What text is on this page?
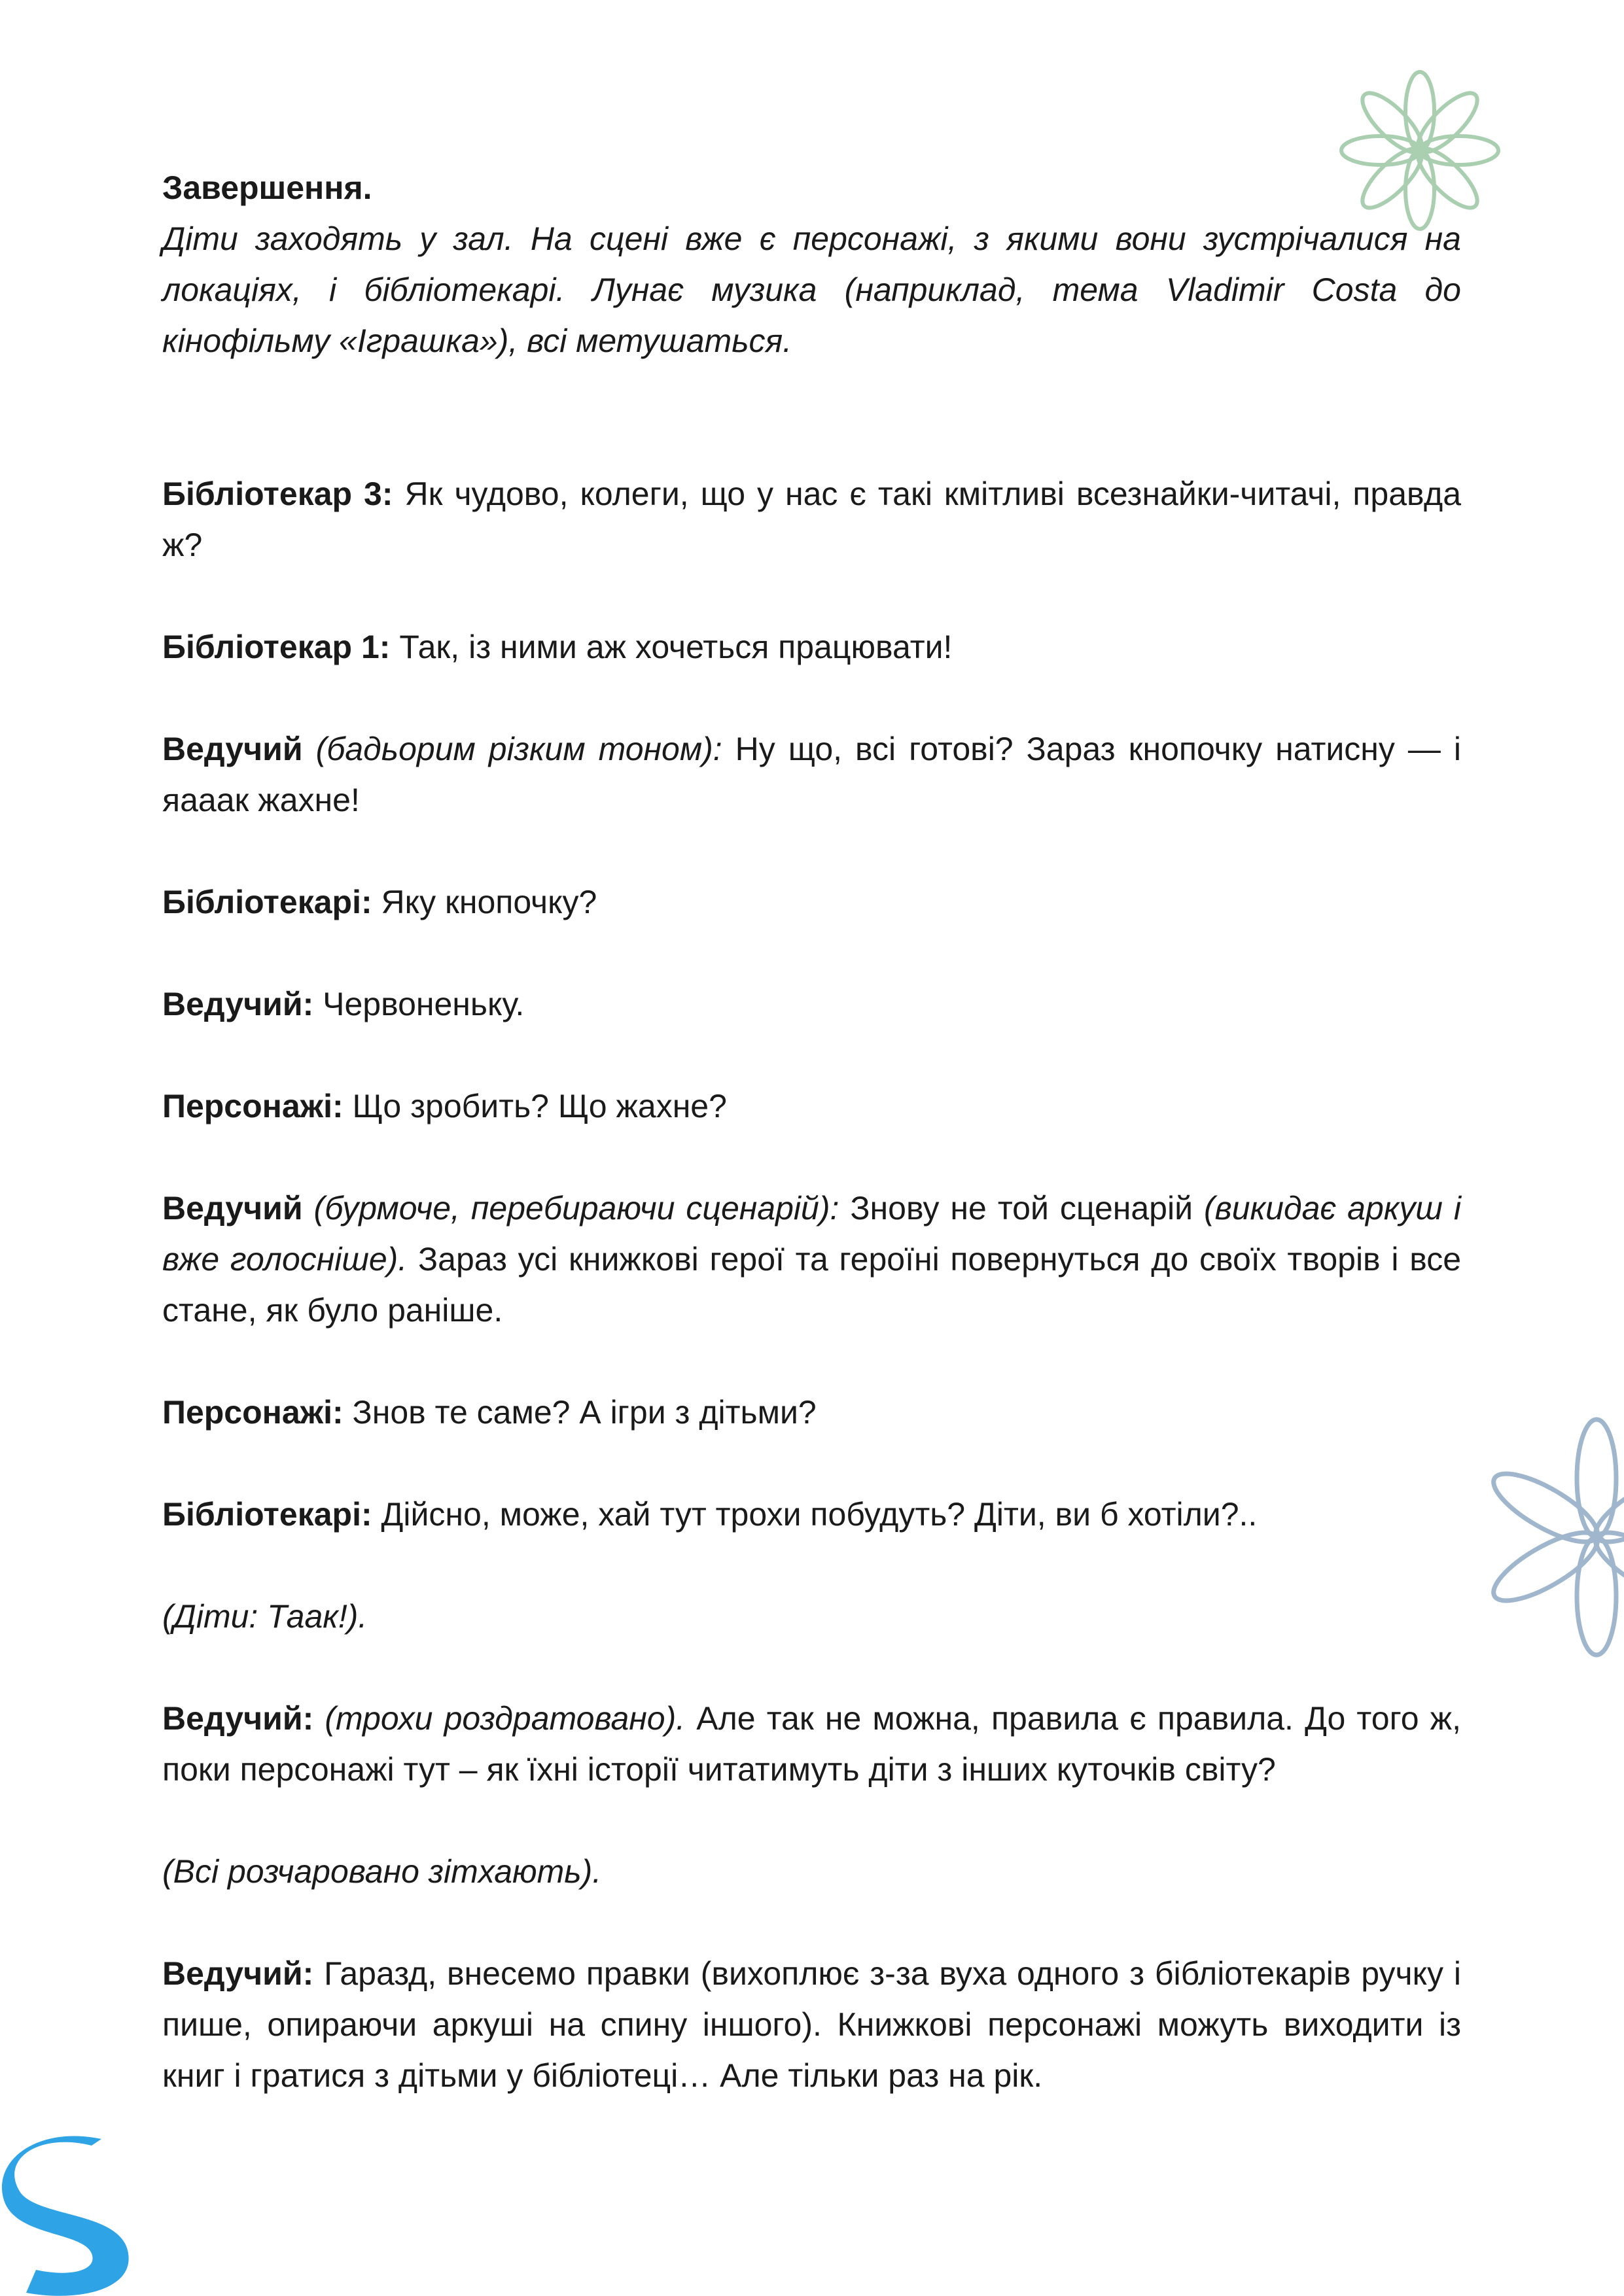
Завершення.

Діти заходять у зал. На сцені вже є персонажі, з якими вони зустрічалися на локаціях, і бібліотекарі. Лунає музика (наприклад, тема Vladimir Costa до кінофільму «Іграшка»), всі метушаться.

Бібліотекар 3: Як чудово, колеги, що у нас є такі кмітливі всезнайки-читачі, правда ж?

Бібліотекар 1: Так, із ними аж хочеться працювати!

Ведучий (бадьорим різким тоном): Ну що, всі готові? Зараз кнопочку натисну — і яааак жахне!

Бібліотекарі: Яку кнопочку?

Ведучий: Червоненьку.

Персонажі: Що зробить? Що жахне?

Ведучий (бурмоче, перебираючи сценарій): Знову не той сценарій (викидає аркуш і вже голосніше). Зараз усі книжкові герої та героїні повернуться до своїх творів і все стане, як було раніше.

Персонажі: Знов те саме? А ігри з дітьми?

Бібліотекарі: Дійсно, може, хай тут трохи побудуть? Діти, ви б хотіли?..

(Діти: Таак!).

Ведучий: (трохи роздратовано). Але так не можна, правила є правила. До того ж, поки персонажі тут – як їхні історії читатимуть діти з інших куточків світу?

(Всі розчаровано зітхають).

Ведучий: Гаразд, внесемо правки (вихоплює з-за вуха одного з бібліотекарів ручку і пише, опираючи аркуші на спину іншого). Книжкові персонажі можуть виходити із книг і гратися з дітьми у бібліотеці… Але тільки раз на рік.
